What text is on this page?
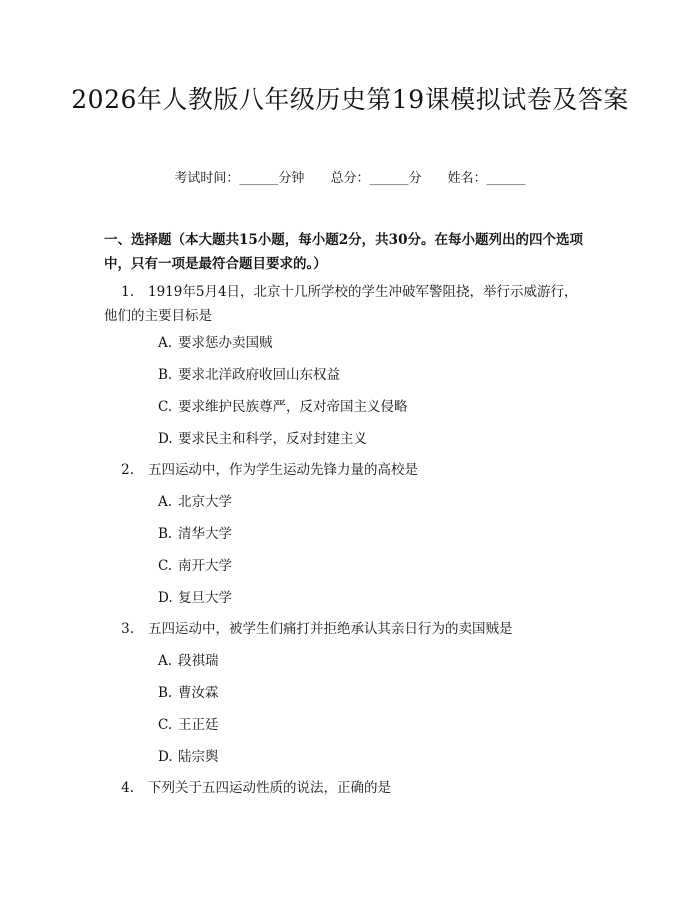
2026年人教版八年级历史第19课模拟试卷及答案
考试时间：______分钟 总分：______分 姓名：______
一、选择题（本大题共15小题，每小题2分，共30分。在每小题列出的四个选项中，只有一项是最符合题目要求的。）
1. 1919年5月4日，北京十几所学校的学生冲破军警阻挠，举行示威游行，他们的主要目标是
A. 要求惩办卖国贼
B. 要求北洋政府收回山东权益
C. 要求维护民族尊严，反对帝国主义侵略
D. 要求民主和科学，反对封建主义
2. 五四运动中，作为学生运动先锋力量的高校是
A. 北京大学
B. 清华大学
C. 南开大学
D. 复旦大学
3. 五四运动中，被学生们痛打并拒绝承认其亲日行为的卖国贼是
A. 段祺瑞
B. 曹汝霖
C. 王正廷
D. 陆宗舆
4. 下列关于五四运动性质的说法，正确的是
